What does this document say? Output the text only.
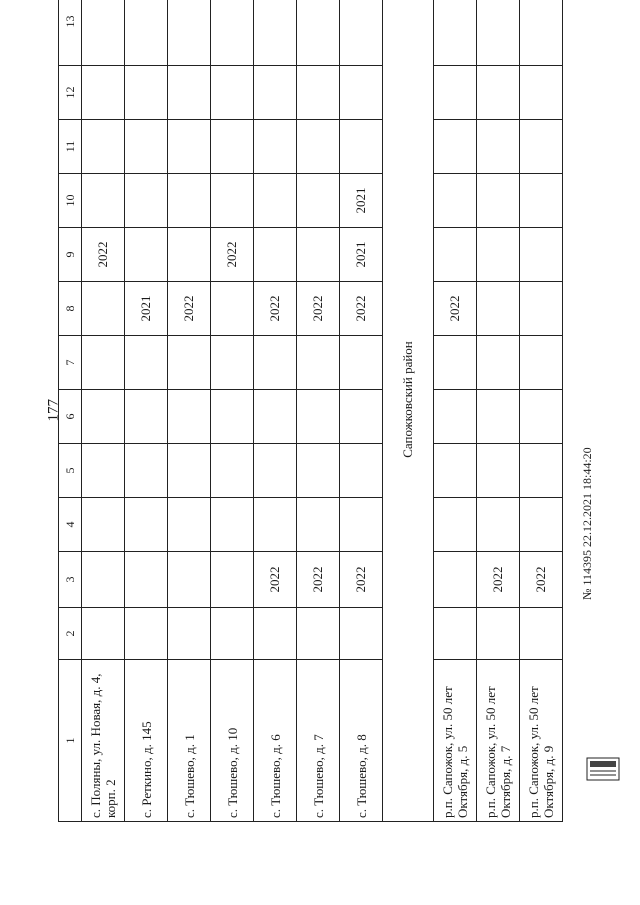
177
1	2	3	4	5	6	7	8	9	10	11	12	13
с. Поляны, ул. Новая, д. 4, корп. 2								2022				
с. Реткино, д. 145							2021					
с. Тюшево, д. 1							2022					
с. Тюшево, д. 10								2022				
с. Тюшево, д. 6		2022					2022					
с. Тюшево, д. 7		2022					2022					
с. Тюшево, д. 8		2022					2022	2021	2021			
Сапожковский район												
р.п. Сапожок, ул. 50 лет Октября, д. 5							2022					
р.п. Сапожок, ул. 50 лет Октября, д. 7		2022										
р.п. Сапожок, ул. 50 лет Октября, д. 9		2022											№ 114395 22.12.2021 18:44:20
